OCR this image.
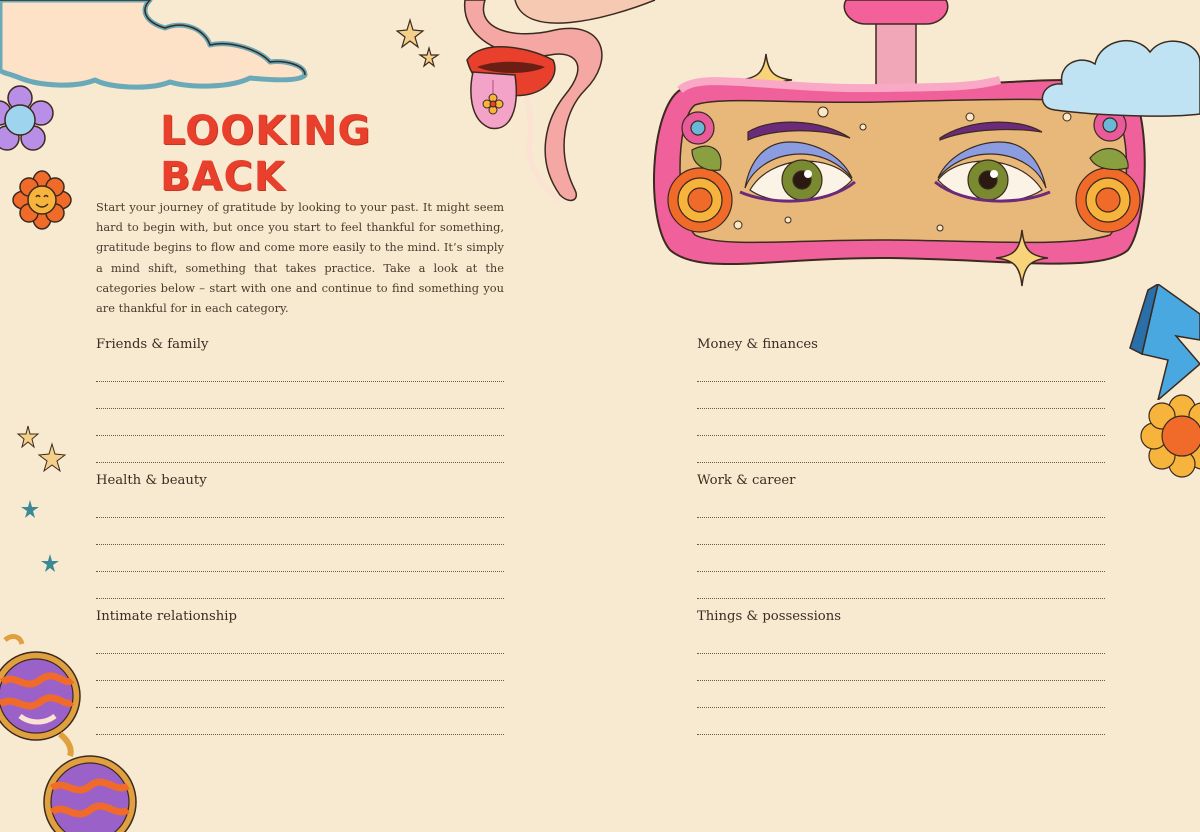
LOOKING BACK

Start your journey of gratitude by looking to your past. It might seem hard to begin with, but once you start to feel thankful for something, gratitude begins to flow and come more easily to the mind. It’s simply a mind shift, something that takes practice. Take a look at the categories below – start with one and continue to find something you are thankful for in each category.

Friends & family
Health & beauty
Intimate relationship
Money & finances
Work & career
Things & possessions
